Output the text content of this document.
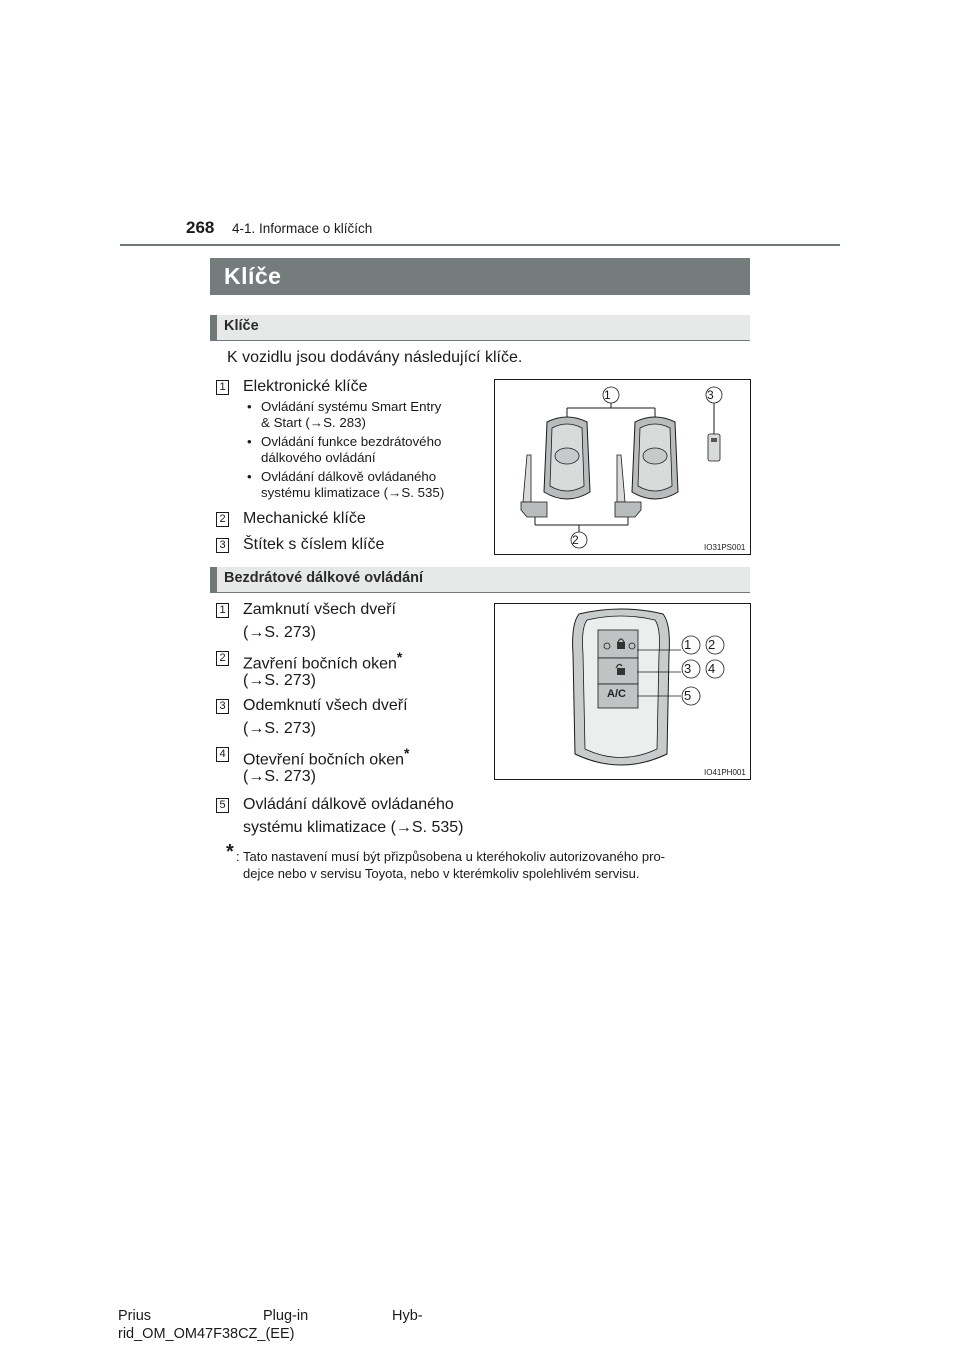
268 4-1. Informace o klíčích
Klíče
Klíče
K vozidlu jsou dodávány následující klíče.
1 Elektronické klíče
• Ovládání systému Smart Entry
& Start (→S. 283)
• Ovládání funkce bezdrátového
dálkového ovládání
• Ovládání dálkově ovládaného
systému klimatizace (→S. 535)
2 Mechanické klíče
3 Štítek s číslem klíče
1	3
2
IO31PS001
Bezdrátové dálkové ovládání
1 Zamknutí všech dveří
(→S. 273)
2 Zavření bočních oken*
(→S. 273)
3 Odemknutí všech dveří
(→S. 273)
4 Otevření bočních oken*
(→S. 273)
5 Ovládání dálkově ovládaného
systému klimatizace (→S. 535)
A/C
1 2
3 4
5
IO41PH001
* : Tato nastavení musí být přizpůsobena u kteréhokoliv autorizovaného pro-
dejce nebo v servisu Toyota, nebo v kterémkoliv spolehlivém servisu.
Prius	Plug-in	Hyb-
rid_OM_OM47F38CZ_(EE)
